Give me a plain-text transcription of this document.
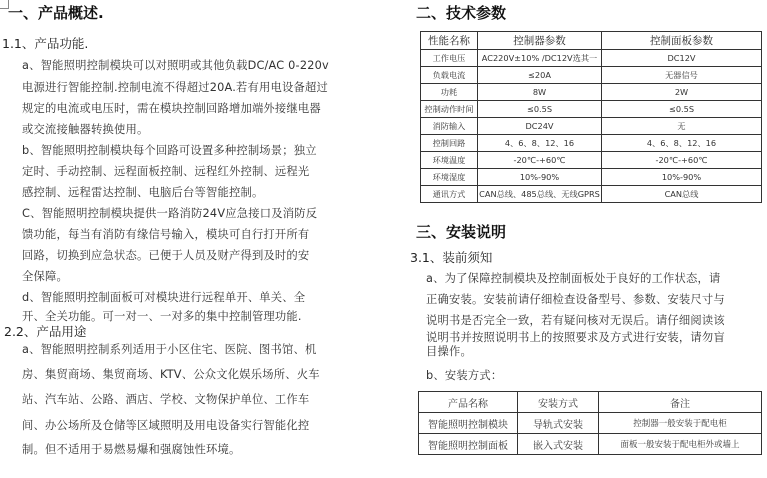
一、产品概述.
1.1、产品功能.
a、智能照明控制模块可以对照明或其他负载DC/AC 0-220v
电源进行智能控制.控制电流不得超过20A.若有用电设备超过
规定的电流或电压时，需在模块控制回路增加端外接继电器
或交流接触器转换使用。
b、智能照明控制模块每个回路可设置多种控制场景；独立
定时、手动控制、远程面板控制、远程红外控制、远程光
感控制、远程雷达控制、电脑后台等智能控制。
C、智能照明控制模块提供一路消防24V应急接口及消防反
馈功能，每当有消防有缘信号输入，模块可自行打开所有
回路，切换到应急状态。已便于人员及财产得到及时的安
全保障。
d、智能照明控制面板可对模块进行远程单开、单关、全
开、全关功能。可一对一、一对多的集中控制管理功能.
2.2、产品用途
a、智能照明控制系列适用于小区住宅、医院、图书馆、机
房、集贸商场、集贸商场、KTV、公众文化娱乐场所、火车
站、汽车站、公路、酒店、学校、文物保护单位、工作车
间、办公场所及仓储等区域照明及用电设备实行智能化控
制。但不适用于易燃易爆和强腐蚀性环境。
二、技术参数
性能名称	控制器参数	控制面板参数
工作电压	AC220V±10% /DC12V选其一	DC12V
负载电流	≤20A	无器信号
功耗	8W	2W
控制动作时间	≤0.5S	≤0.5S
消防输入	DC24V	无
控制回路	4、6、8、12、16	4、6、8、12、16
环境温度	-20℃-+60℃	-20℃-+60℃
环境湿度	10%-90%	10%-90%
通讯方式	CAN总线、485总线、无线GPRS	CAN总线
三、安装说明
3.1、装前须知
a、为了保障控制模块及控制面板处于良好的工作状态，请
正确安装。安装前请仔细检查设备型号、参数、安装尺寸与
说明书是否完全一致，若有疑问核对无误后。请仔细阅读该
说明书并按照说明书上的按照要求及方式进行安装，请勿盲
目操作。
b、安装方式：
产品名称	安装方式	备注
智能照明控制模块	导轨式安装	控制器一般安装于配电柜
智能照明控制面板	嵌入式安装	面板一般安装于配电柜外或墙上
